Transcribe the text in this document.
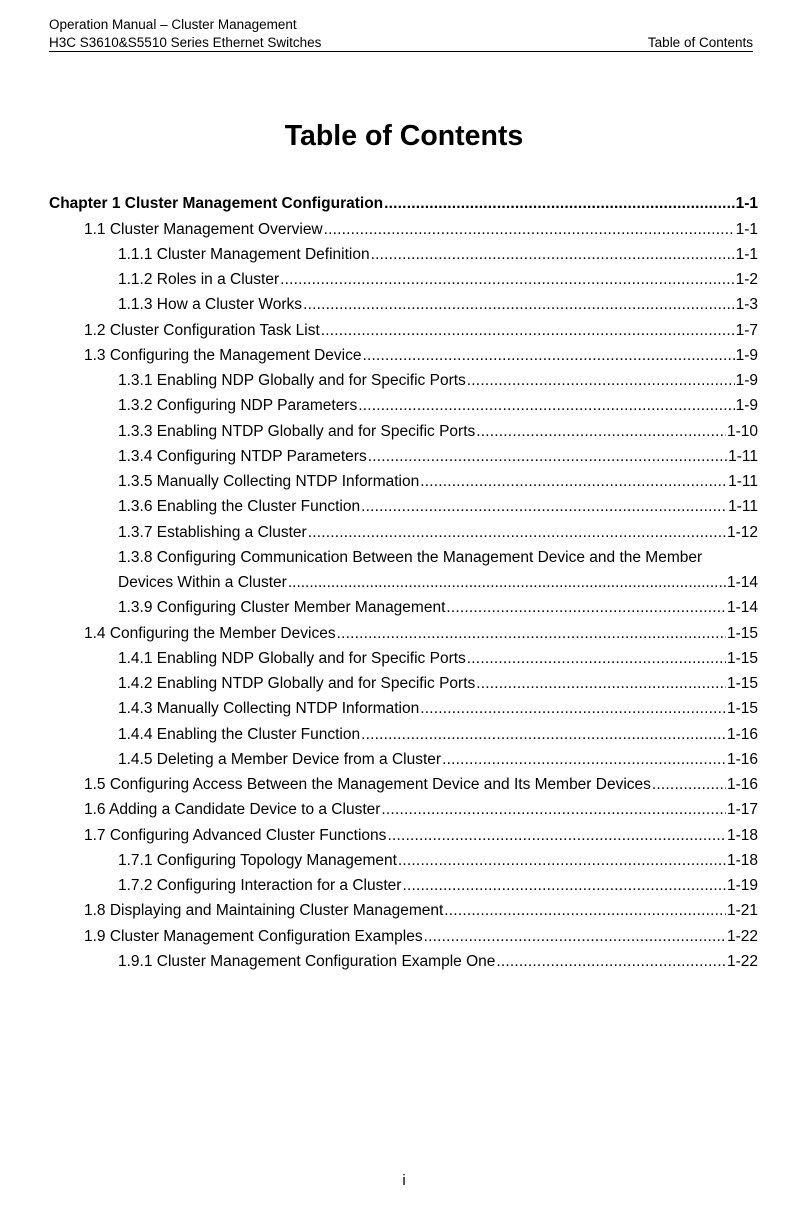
Operation Manual – Cluster Management
H3C S3610&S5510 Series Ethernet Switches	Table of Contents
Table of Contents
Chapter 1 Cluster Management Configuration .....	1-1
1.1 Cluster Management Overview .....	1-1
1.1.1 Cluster Management Definition .....	1-1
1.1.2 Roles in a Cluster .....	1-2
1.1.3 How a Cluster Works .....	1-3
1.2 Cluster Configuration Task List .....	1-7
1.3 Configuring the Management Device .....	1-9
1.3.1 Enabling NDP Globally and for Specific Ports .....	1-9
1.3.2 Configuring NDP Parameters .....	1-9
1.3.3 Enabling NTDP Globally and for Specific Ports .....	1-10
1.3.4 Configuring NTDP Parameters .....	1-11
1.3.5 Manually Collecting NTDP Information .....	1-11
1.3.6 Enabling the Cluster Function .....	1-11
1.3.7 Establishing a Cluster .....	1-12
1.3.8 Configuring Communication Between the Management Device and the Member
Devices Within a Cluster .....	1-14
1.3.9 Configuring Cluster Member Management .....	1-14
1.4 Configuring the Member Devices .....	1-15
1.4.1 Enabling NDP Globally and for Specific Ports .....	1-15
1.4.2 Enabling NTDP Globally and for Specific Ports .....	1-15
1.4.3 Manually Collecting NTDP Information .....	1-15
1.4.4 Enabling the Cluster Function .....	1-16
1.4.5 Deleting a Member Device from a Cluster .....	1-16
1.5 Configuring Access Between the Management Device and Its Member Devices .....	1-16
1.6 Adding a Candidate Device to a Cluster .....	1-17
1.7 Configuring Advanced Cluster Functions .....	1-18
1.7.1 Configuring Topology Management .....	1-18
1.7.2 Configuring Interaction for a Cluster .....	1-19
1.8 Displaying and Maintaining Cluster Management .....	1-21
1.9 Cluster Management Configuration Examples .....	1-22
1.9.1 Cluster Management Configuration Example One .....	1-22
i
